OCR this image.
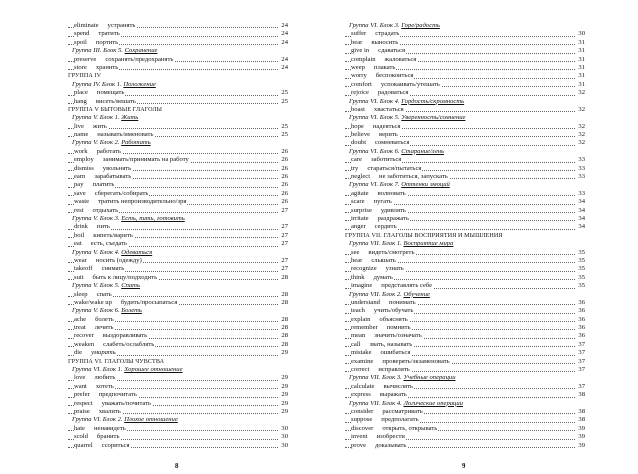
eliminate устранять	24
spend тратить	24
spoil портить	24
Группа III. Блок 5. Сохранение
preserve сохранять/предохранять	24
store хранить	24
ГРУППА IV
Группа IV. Блок 1. Положение
place помещать	25
hang висеть/вешать	25
ГРУППА V БЫТОВЫЕ ГЛАГОЛЫ
Группа V. Блок 1. Жить
live жить	25
name называть/именовать	25
Группа V. Блок 2. Работать
work работать	26
employ занимать/принимать на работу	26
dismiss увольнять	26
earn зарабатывать	26
pay платить	26
save сберегать/собирать	26
waste тратить непроизводительно/зря	26
rest отдыхать	27
Группа V. Блок 3. Есть, пить, готовить
drink пить	27
boil кипеть/варить	27
eat есть, съедать	27
Группа V. Блок 4. Одеваться
wear носить (одежду)	27
takeoff снимать	27
suit быть к лицу/подходить	28
Группа V. Блок 5. Спать
sleep спать	28
wake/wake up будить/просыпаться	28
Группа V. Блок 6. Болеть
ache болеть	28
treat лечить	28
recover выздоравливать	28
weaken слабеть/ослаблять	28
die умирать	29
ГРУППА VI. ГЛАГОЛЫ ЧУВСТВА
Группа VI. Блок 1. Хорошее отношение
love любить	29
want хотеть	29
prefer предпочитать	29
respect уважать/почитать	29
praise хвалить	29
Группа VI. Блок 2. Плохое отношение
hate ненавидеть	30
scold бранить	30
quarrel ссориться	30
Группа VI. Блок 3. Горе/радость
suffer страдать	30
bear выносить	31
give in сдаваться	31
complain жаловаться	31
weep плакать	31
worry беспокоиться	31
comfort успокаивать/утешать	31
rejoice радоваться	32
Группа VI. Блок 4. Гордость/скромность
boast хвастаться	32
Группа VI. Блок 5. Уверенность/сомнение
hope надеяться	32
believe верить	32
doubt сомневаться	32
Группа VI. Блок 6. Старание/лень
care заботиться	33
try стараться/пытаться	33
neglect не заботиться, запускать	33
Группа VI. Блок 7. Оттенки эмоций
agitate волновать	33
scare пугать	34
surprise удивлять	34
irritate раздражать	34
anger сердить	34
ГРУППА VII. ГЛАГОЛЫ ВОСПРИЯТИЯ И МЫШЛЕНИЯ
Группа VII. Блок 1. Восприятие мира
see видеть/смотреть	35
hear слышать	35
recognize узнать	35
think думать	35
imagine представлять себе	35
Группа VII. Блок 2. Обучение
understand понимать	36
teach учить/обучать	36
explain объяснять	36
remember помнить	36
mean значить/означать	36
call звать, называть	37
mistake ошибаться	37
examine проверять/экзаменовать	37
correct исправлять	37
Группа VII. Блок 3. Учебные операции
calculate вычислять	37
express выражать	38
Группа VII. Блок 4. Логические операции
consider рассматривать	38
suppose предполагать	38
discover открыть, открывать	39
invent изобрести	39
prove доказывать	39
8	9
